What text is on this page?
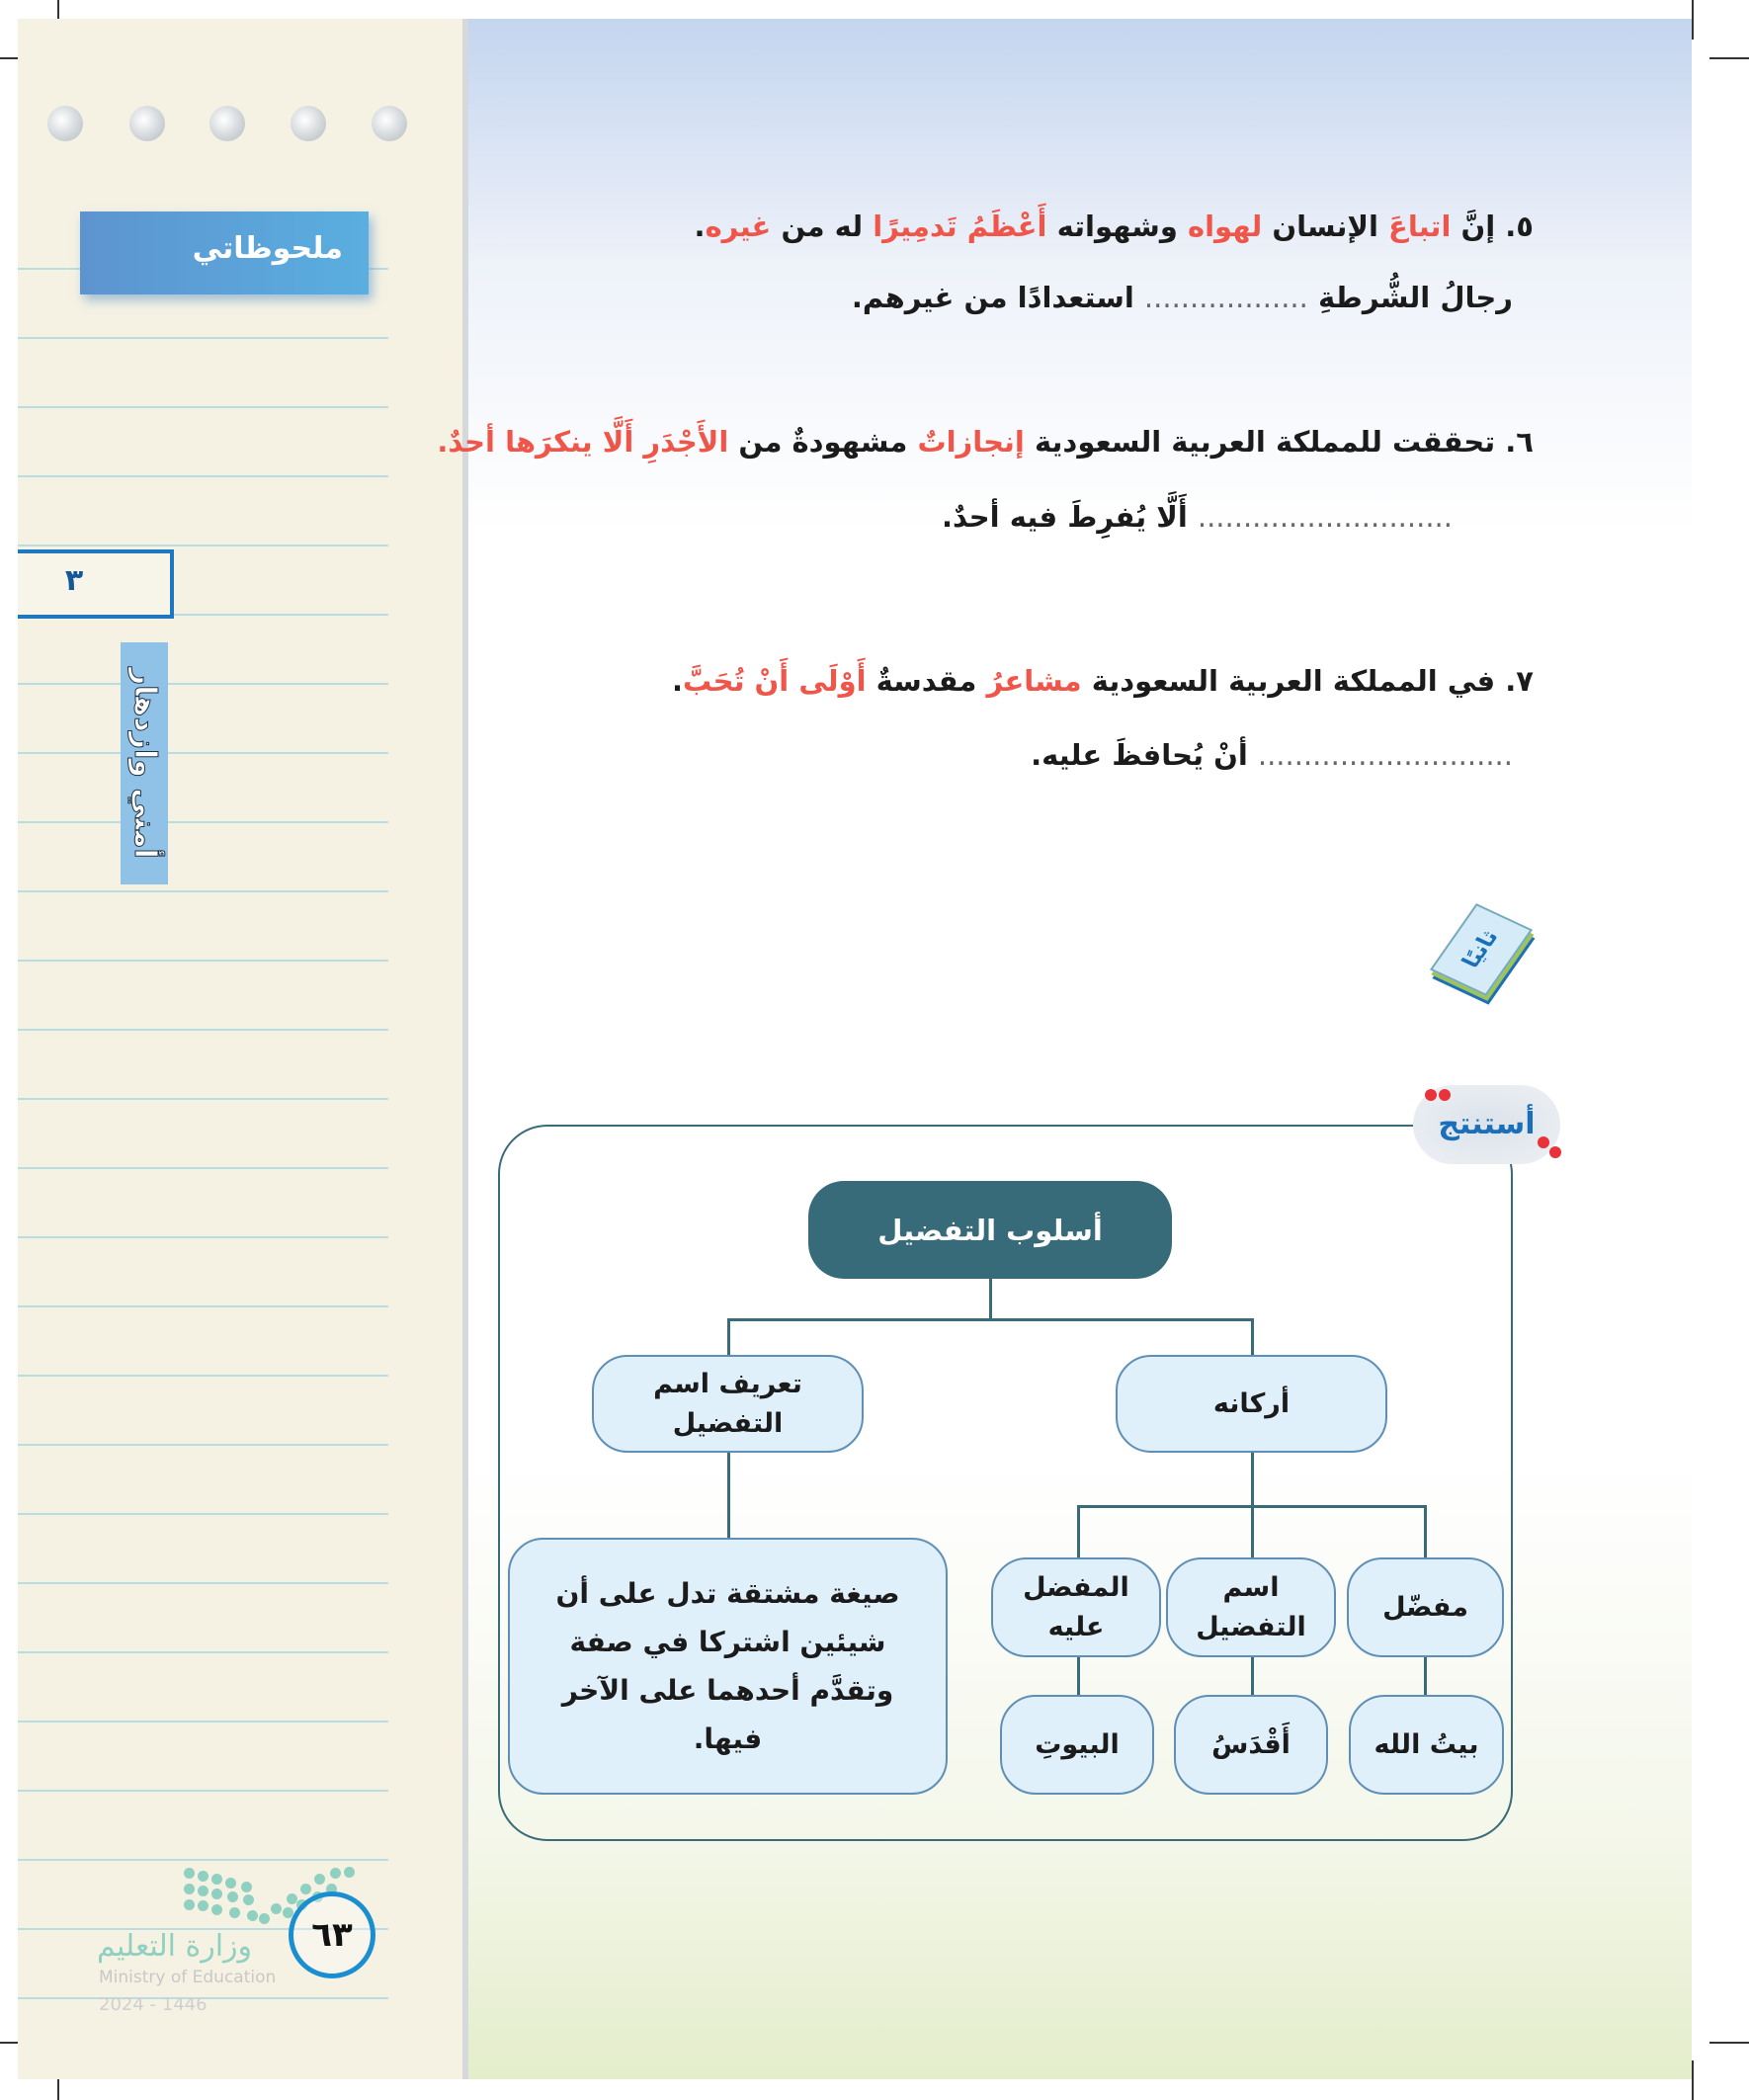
ملحوظاتي
٣
أمني وازدهار
وزارة التعليم
Ministry of Education
2024 - 1446
٦٣
٥. إنَّ اتباعَ الإنسان لهواه وشهواته أَعْظَمُ تَدمِيرًا له من غيره.
رجالُ الشُّرطةِ .................. استعدادًا من غيرهم.
٦. تحققت للمملكة العربية السعودية إنجازاتٌ مشهودةٌ من الأَجْدَرِ أَلَّا ينكرَها أحدٌ.
............................ أَلَّا يُفرِطَ فيه أحدٌ.
٧. في المملكة العربية السعودية مشاعرُ مقدسةٌ أَوْلَى أَنْ تُحَبَّ.
............................ أنْ يُحافظَ عليه.
ثانيًا
أستنتج
أسلوب التفضيل
تعريف اسم التفضيل
أركانه
صيغة مشتقة تدل على أن شيئين اشتركا في صفة وتقدَّم أحدهما على الآخر فيها.
مفضّل
اسم التفضيل
المفضل عليه
بيتُ الله
أَقْدَسُ
البيوتِ
